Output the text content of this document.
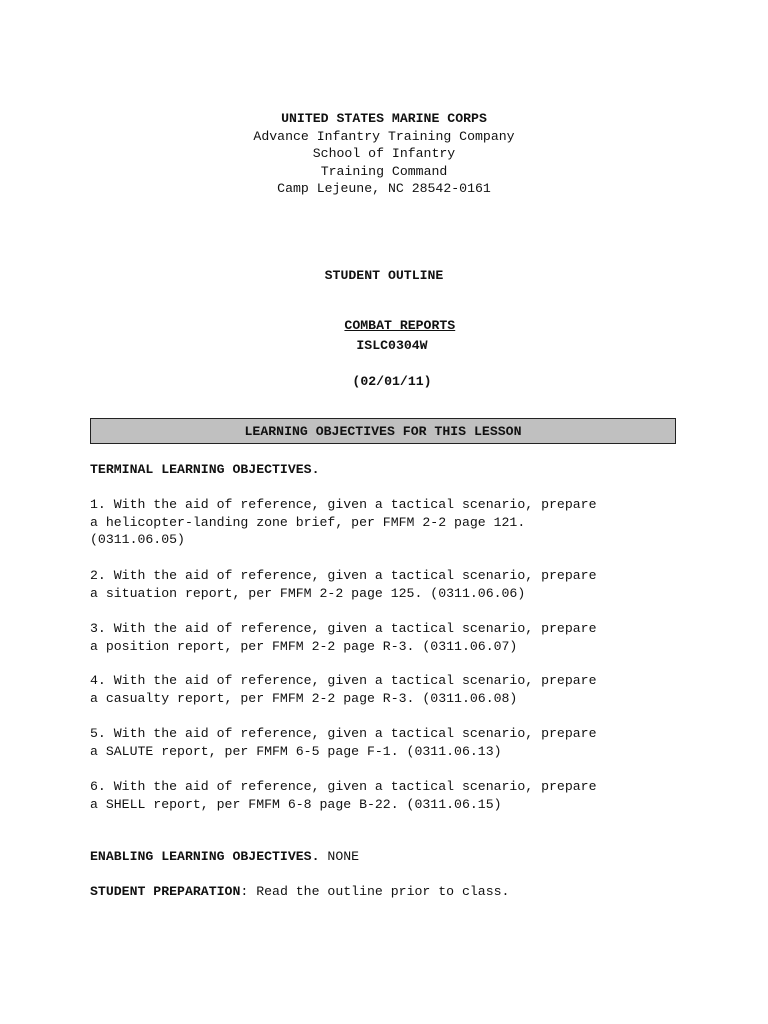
UNITED STATES MARINE CORPS
Advance Infantry Training Company
School of Infantry
Training Command
Camp Lejeune, NC 28542-0161
STUDENT OUTLINE

COMBAT REPORTS

ISLC0304W
(02/01/11)
LEARNING OBJECTIVES FOR THIS LESSON
TERMINAL LEARNING OBJECTIVES.
1. With the aid of reference, given a tactical scenario, prepare
a helicopter-landing zone brief, per FMFM 2-2 page 121.
(0311.06.05)
2. With the aid of reference, given a tactical scenario, prepare
a situation report, per FMFM 2-2 page 125. (0311.06.06)
3. With the aid of reference, given a tactical scenario, prepare
a position report, per FMFM 2-2 page R-3. (0311.06.07)
4. With the aid of reference, given a tactical scenario, prepare
a casualty report, per FMFM 2-2 page R-3. (0311.06.08)
5. With the aid of reference, given a tactical scenario, prepare
a SALUTE report, per FMFM 6-5 page F-1. (0311.06.13)
6. With the aid of reference, given a tactical scenario, prepare
a SHELL report, per FMFM 6-8 page B-22. (0311.06.15)
ENABLING LEARNING OBJECTIVES. NONE
STUDENT PREPARATION: Read the outline prior to class.
